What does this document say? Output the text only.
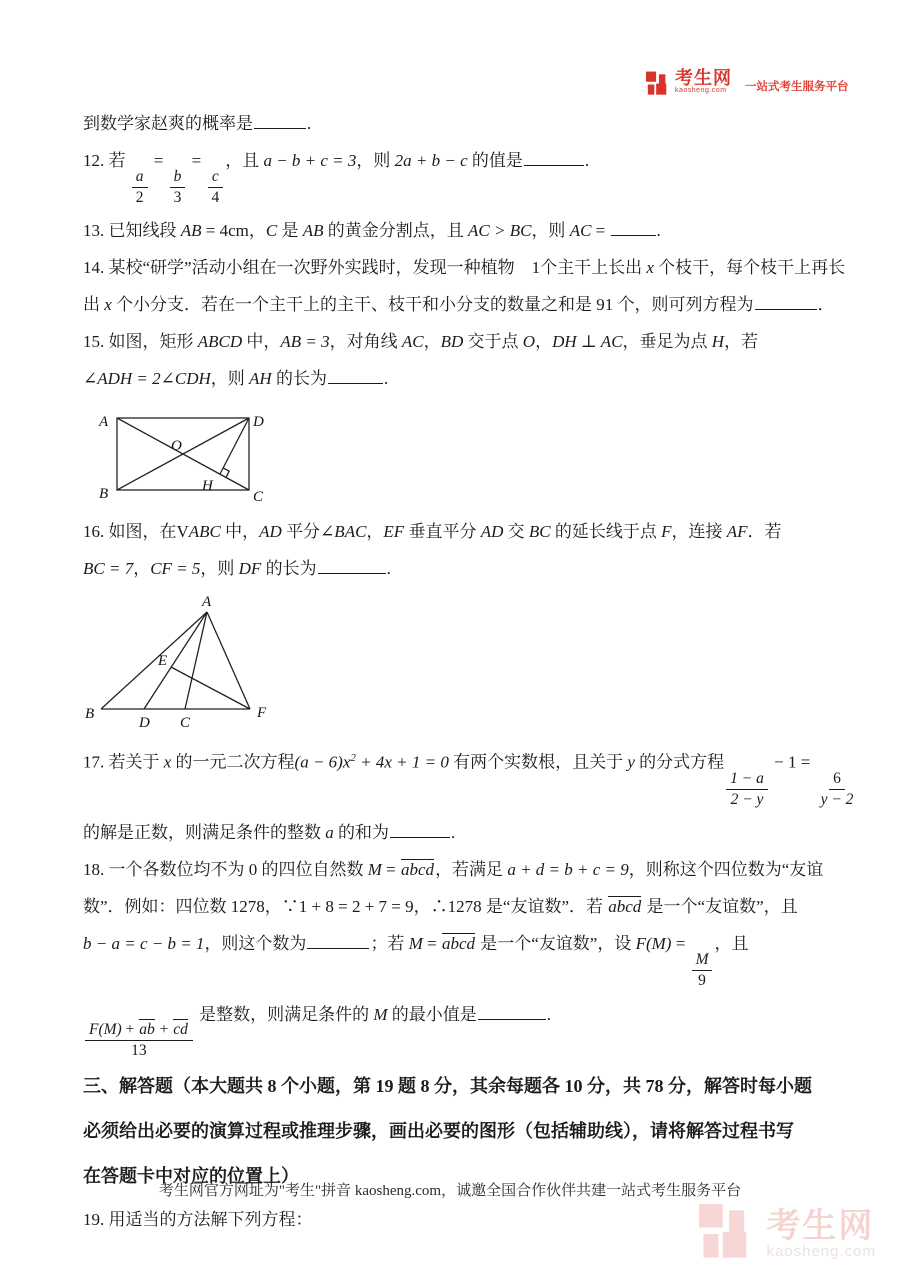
考生网
kaosheng.com	一站式考生服务平台
到数学家赵爽的概率是	.
12. 若
$\frac{a}{2}$
=
$\frac{b}{3}$
=
$\frac{c}{4}$
，且 a − b + c = 3，则 2a + b − c 的值是	.
13. 已知线段 AB = 4cm，C 是 AB 的黄金分割点，且 AC > BC，则 AC =	.
14. 某校“研学”活动小组在一次野外实践时，发现一种植物　1个主干上长出 x 个枝干，每个枝干上再长
出 x 个小分支．若在一个主干上的主干、枝干和小分支的数量之和是 91 个，则可列方程为	．
15. 如图，矩形 ABCD 中，AB = 3，对角线 AC，BD 交于点 O，DH ⊥ AC，垂足为点 H，若
∠ADH = 2∠CDH，则 AH 的长为	.
A	D
B	C
O
H
16. 如图，在VABC 中，AD 平分∠BAC，EF 垂直平分 AD 交 BC 的延长线于点 F，连接 AF．若
BC = 7，CF = 5，则 DF 的长为	.
A
B	F
D C
E
17. 若关于 x 的一元二次方程$(a - 6)x^2 + 4x + 1 = 0$ 有两个实数根，且关于 y 的分式方程
$\frac{1 - a}{2 - y}$
− 1 =
$\frac{6}{y - 2}$
的解是正数，则满足条件的整数 a 的和为	.
18. 一个各数位均不为 0 的四位自然数 M = abcd，若满足 a + d = b + c = 9，则称这个四位数为“友谊
数”．例如：四位数 1278，∵1 + 8 = 2 + 7 = 9，∴1278 是“友谊数”．若 abcd 是一个“友谊数”，且
b − a = c − b = 1，则这个数为	；若 M = abcd 是一个“友谊数”，设 F(M) =
$\frac{M}{9}$
，且
$\frac{F(M) + ab + cd}{13}$
是整数，则满足条件的 M 的最小值是	.
三、解答题（本大题共 8 个小题，第 19 题 8 分，其余每题各 10 分，共 78 分，解答时每小题
必须给出必要的演算过程或推理步骤，画出必要的图形（包括辅助线），请将解答过程书写
在答题卡中对应的位置上）
19. 用适当的方法解下列方程：
考生网官方网址为"考生"拼音 kaosheng.com，诚邀全国合作伙伴共建一站式考生服务平台
考生网
kaosheng.com
